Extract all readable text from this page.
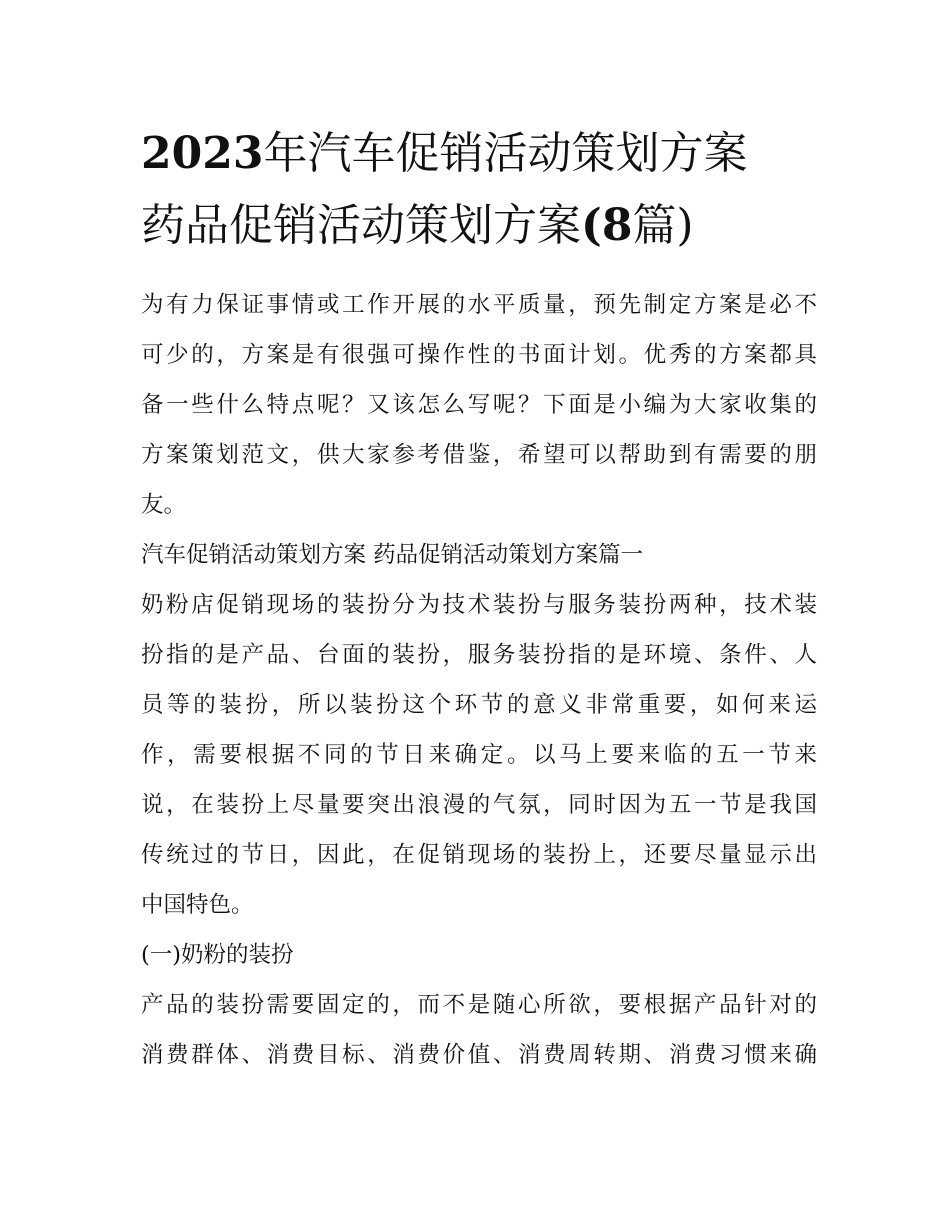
2023年汽车促销活动策划方案
药品促销活动策划方案(8篇)

为有力保证事情或工作开展的水平质量，预先制定方案是必不
可少的，方案是有很强可操作性的书面计划。优秀的方案都具
备一些什么特点呢？又该怎么写呢？下面是小编为大家收集的
方案策划范文，供大家参考借鉴，希望可以帮助到有需要的朋
友。

汽车促销活动策划方案 药品促销活动策划方案篇一

奶粉店促销现场的装扮分为技术装扮与服务装扮两种，技术装
扮指的是产品、台面的装扮，服务装扮指的是环境、条件、人
员等的装扮，所以装扮这个环节的意义非常重要，如何来运
作，需要根据不同的节日来确定。以马上要来临的五一节来
说，在装扮上尽量要突出浪漫的气氛，同时因为五一节是我国
传统过的节日，因此，在促销现场的装扮上，还要尽量显示出
中国特色。

(一)奶粉的装扮

产品的装扮需要固定的，而不是随心所欲，要根据产品针对的
消费群体、消费目标、消费价值、消费周转期、消费习惯来确
